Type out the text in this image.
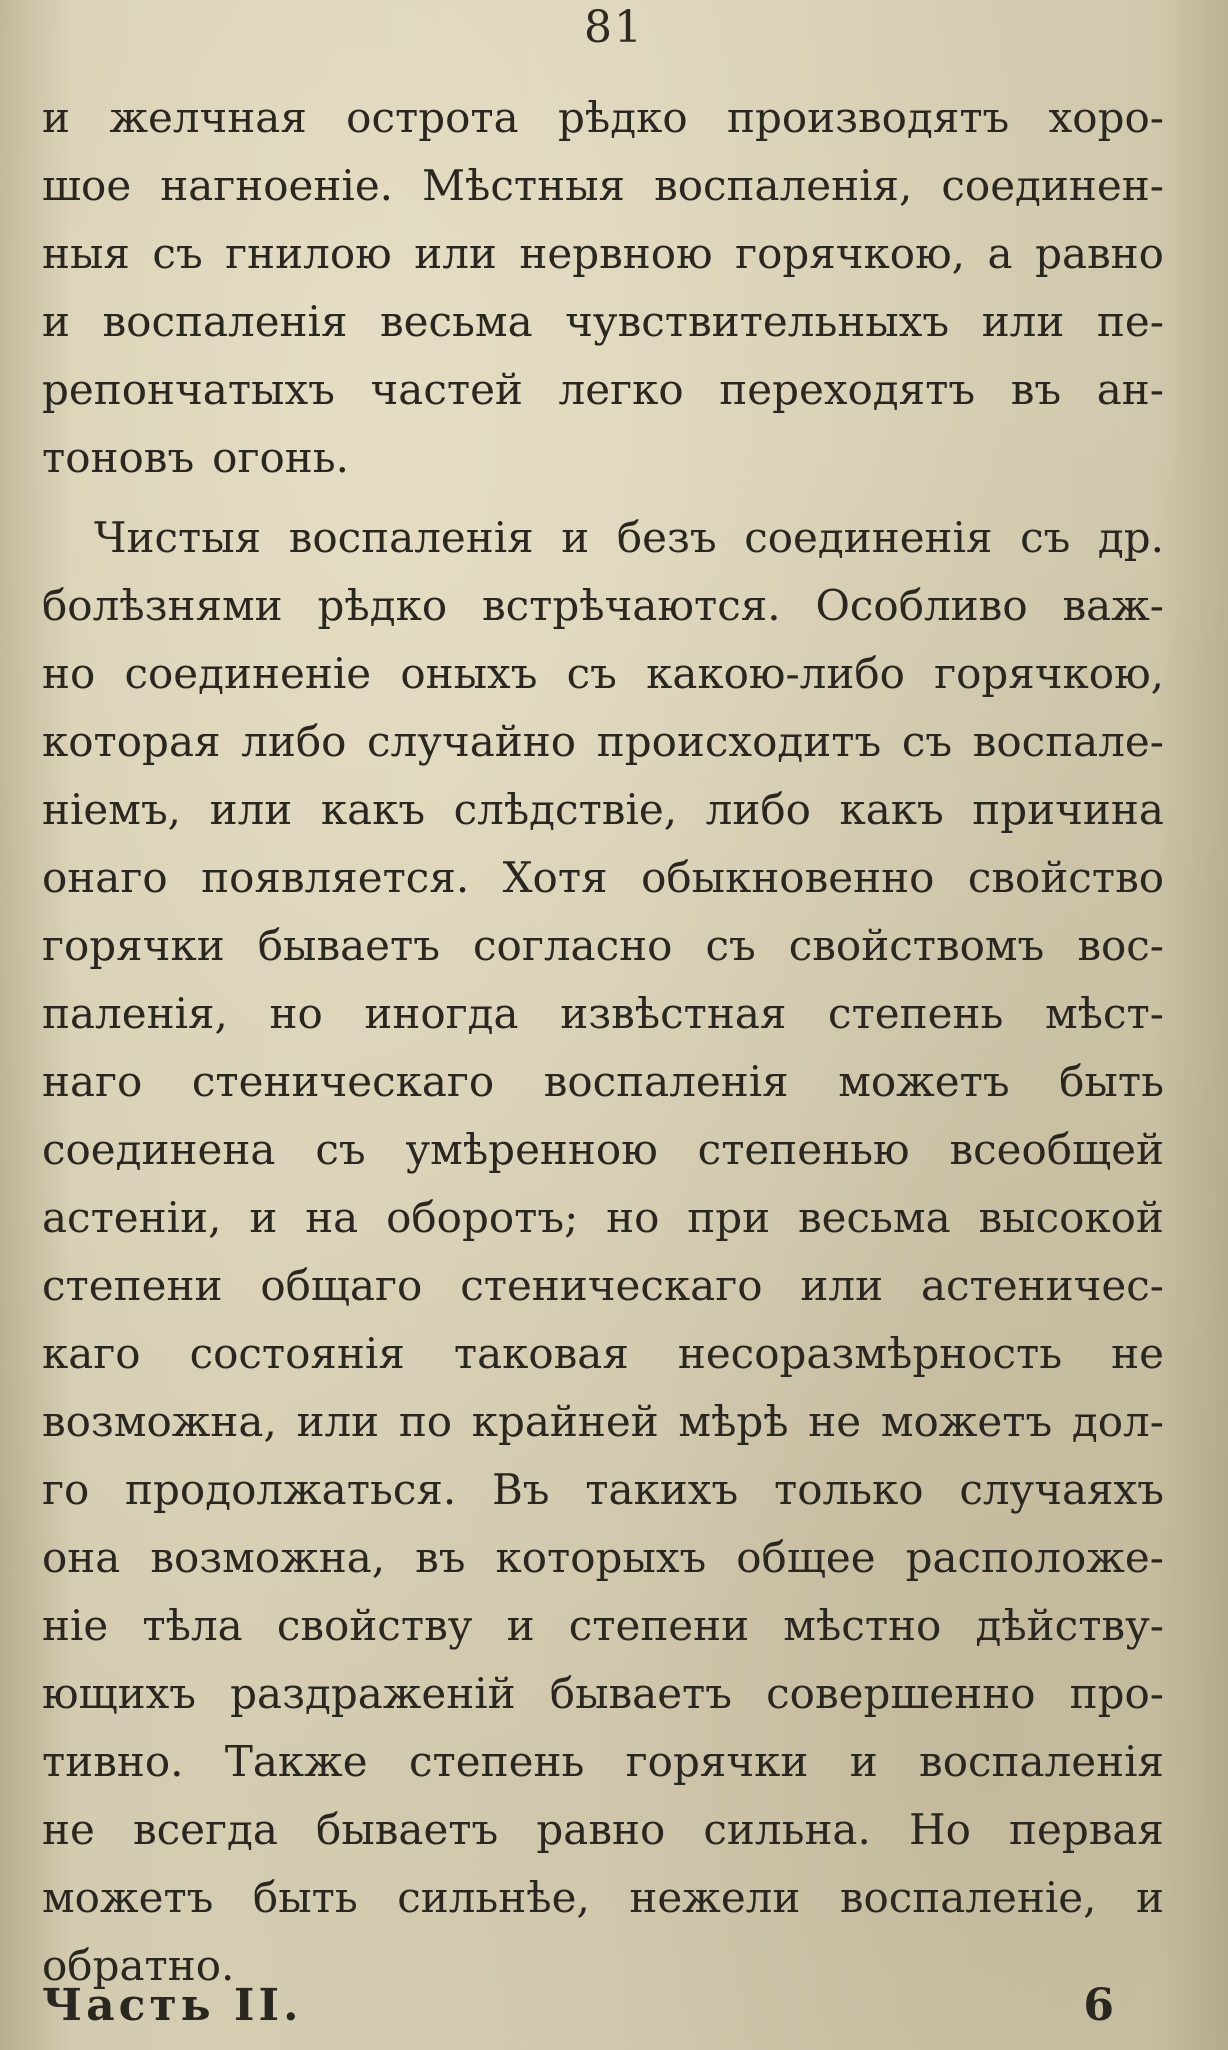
81
и желчная острота рѣдко производятъ хоро-
шое нагноеніе. Мѣстныя воспаленія, соединен-
ныя съ гнилою или нервною горячкою, а равно
и воспаленія весьма чувствительныхъ или пе-
репончатыхъ частей легко переходятъ въ ан-
тоновъ огонь.
Чистыя воспаленія и безъ соединенія съ др.
болѣзнями рѣдко встрѣчаются. Особливо важ-
но соединеніе оныхъ съ какою-либо горячкою,
которая либо случайно происходитъ съ воспале-
ніемъ, или какъ слѣдствіе, либо какъ причина
онаго появляется. Хотя обыкновенно свойство
горячки бываетъ согласно съ свойствомъ вос-
паленія, но иногда извѣстная степень мѣст-
наго стеническаго воспаленія можетъ быть
соединена съ умѣренною степенью всеобщей
астеніи, и на оборотъ; но при весьма высокой
степени общаго стеническаго или астеничес-
каго состоянія таковая несоразмѣрность не
возможна, или по крайней мѣрѣ не можетъ дол-
го продолжаться. Въ такихъ только случаяхъ
она возможна, въ которыхъ общее расположе-
ніе тѣла свойству и степени мѣстно дѣйству-
ющихъ раздраженій бываетъ совершенно про-
тивно. Также степень горячки и воспаленія
не всегда бываетъ равно сильна. Но первая
можетъ быть сильнѣе, нежели воспаленіе, и
обратно.
Часть II.	6
